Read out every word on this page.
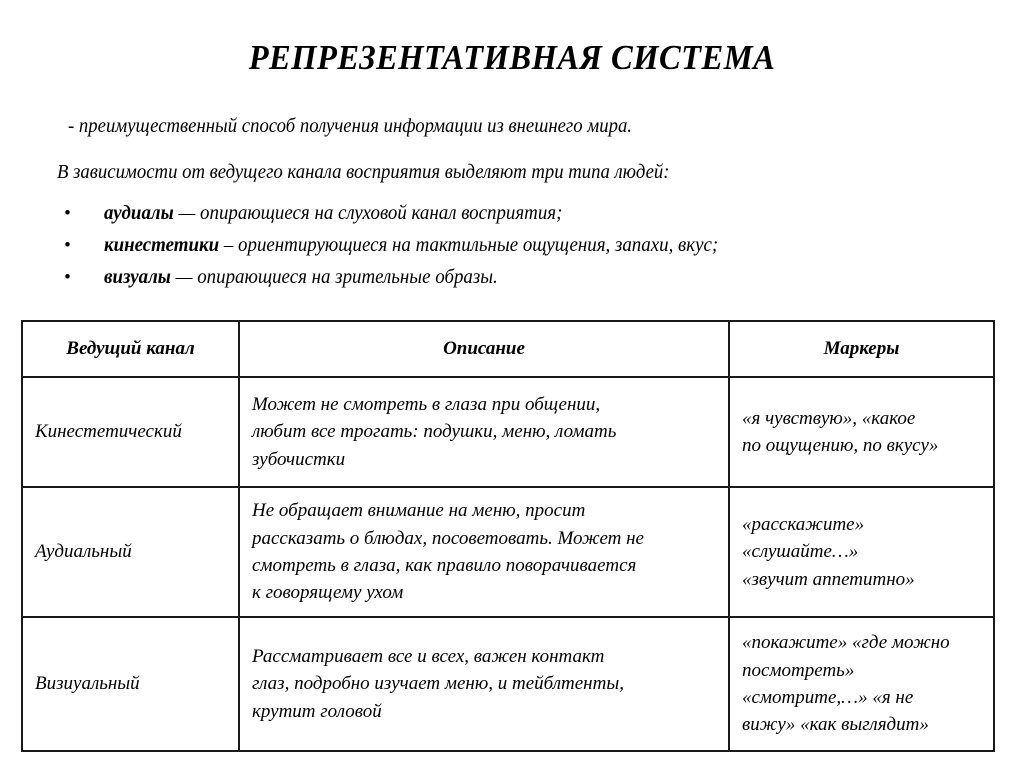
РЕПРЕЗЕНТАТИВНАЯ СИСТЕМА
- преимущественный способ получения информации из внешнего мира.
В зависимости от ведущего канала восприятия выделяют три типа людей:
• аудиалы — опирающиеся на слуховой канал восприятия;
• кинестетики – ориентирующиеся на тактильные ощущения, запахи, вкус;
• визуалы — опирающиеся на зрительные образы.
Ведущий канал	Описание	Маркеры
Кинестетический	Может не смотреть в глаза при общении,
любит все трогать: подушки, меню, ломать
зубочистки	«я чувствую», «какое
по ощущению, по вкусу»

Аудиальный	Не обращает внимание на меню, просит
рассказать о блюдах, посоветовать. Может не
смотреть в глаза, как правило поворачивается
к говорящему ухом	«расскажите»
«слушайте…»
«звучит аппетитно»

Визиуальный	Рассматривает все и всех, важен контакт
глаз, подробно изучает меню, и тейблтенты,
крутит головой	«покажите» «где можно
посмотреть»
«смотрите,…» «я не
вижу» «как выглядит»
